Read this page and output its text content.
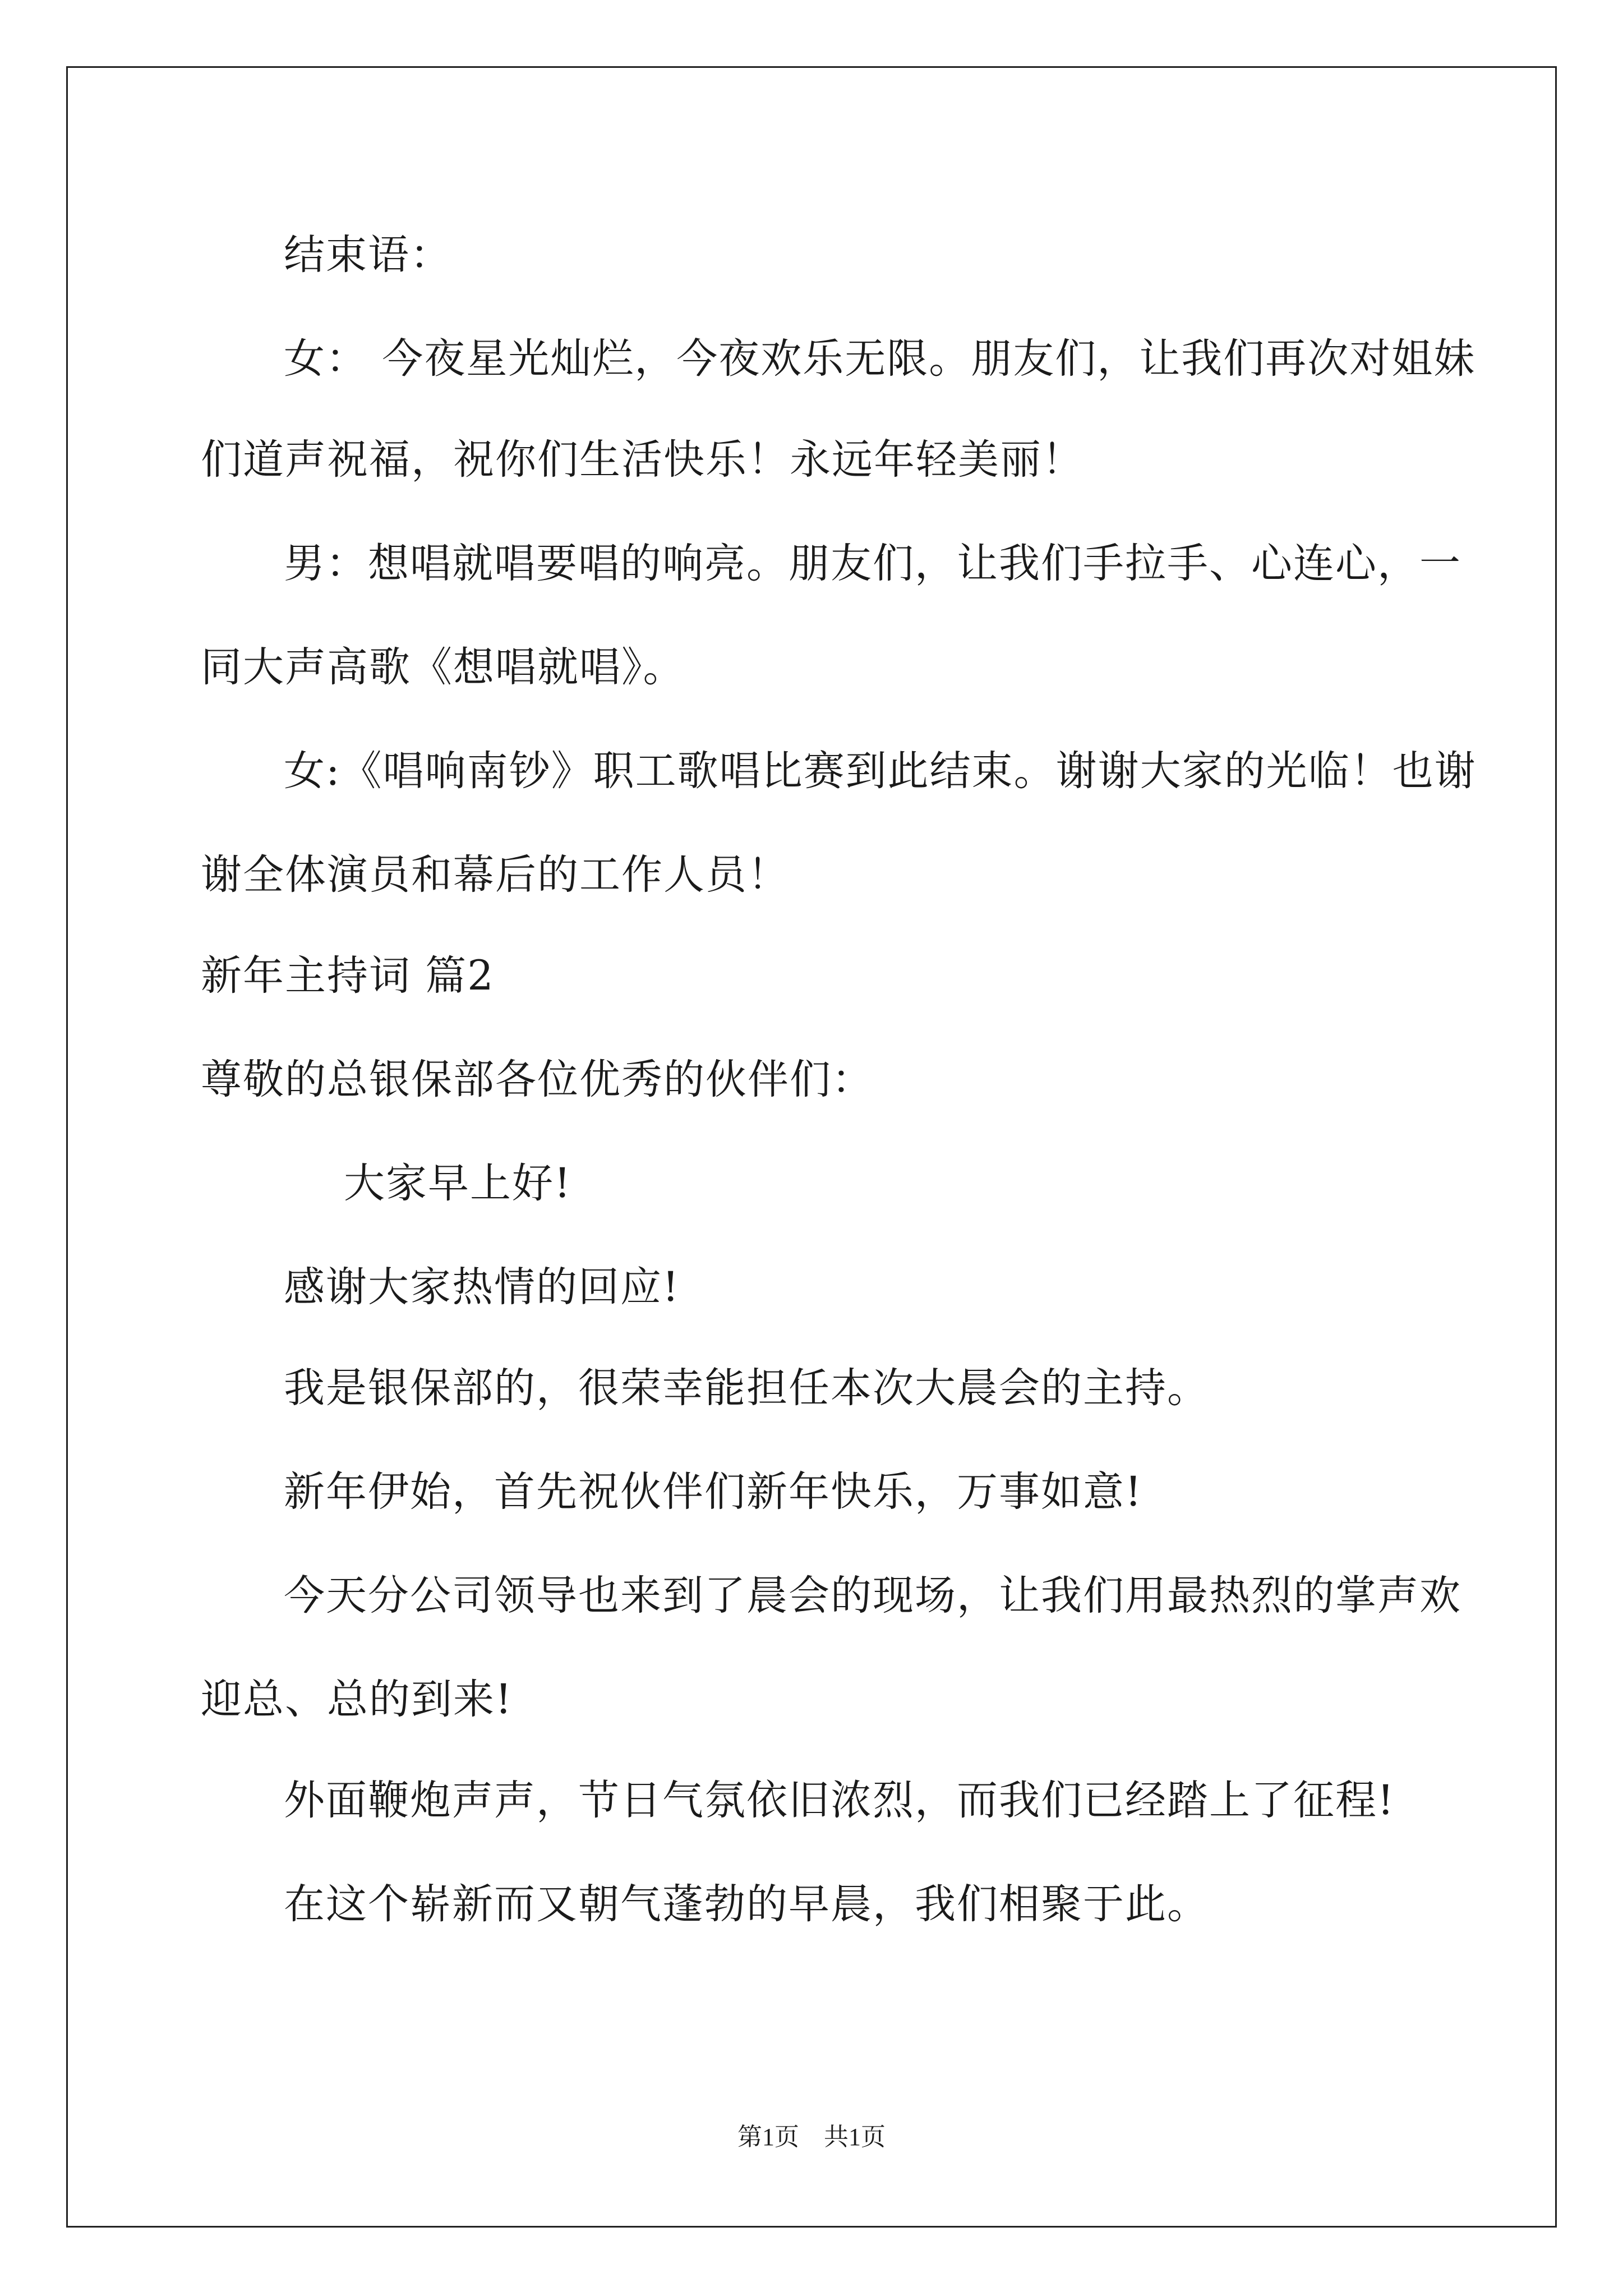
结束语：
女： 今夜星光灿烂，今夜欢乐无限。朋友们，让我们再次对姐妹
们道声祝福，祝你们生活快乐！永远年轻美丽！
男：想唱就唱要唱的响亮。朋友们，让我们手拉手、心连心，一
同大声高歌《想唱就唱》。
女:《唱响南钞》职工歌唱比赛到此结束。谢谢大家的光临！也谢
谢全体演员和幕后的工作人员！
新年主持词 篇2
尊敬的总银保部各位优秀的伙伴们：
大家早上好!
感谢大家热情的回应!
我是银保部的，很荣幸能担任本次大晨会的主持。
新年伊始，首先祝伙伴们新年快乐，万事如意!
今天分公司领导也来到了晨会的现场，让我们用最热烈的掌声欢
迎总、总的到来!
外面鞭炮声声，节日气氛依旧浓烈，而我们已经踏上了征程!
在这个崭新而又朝气蓬勃的早晨，我们相聚于此。
第1页　共1页
